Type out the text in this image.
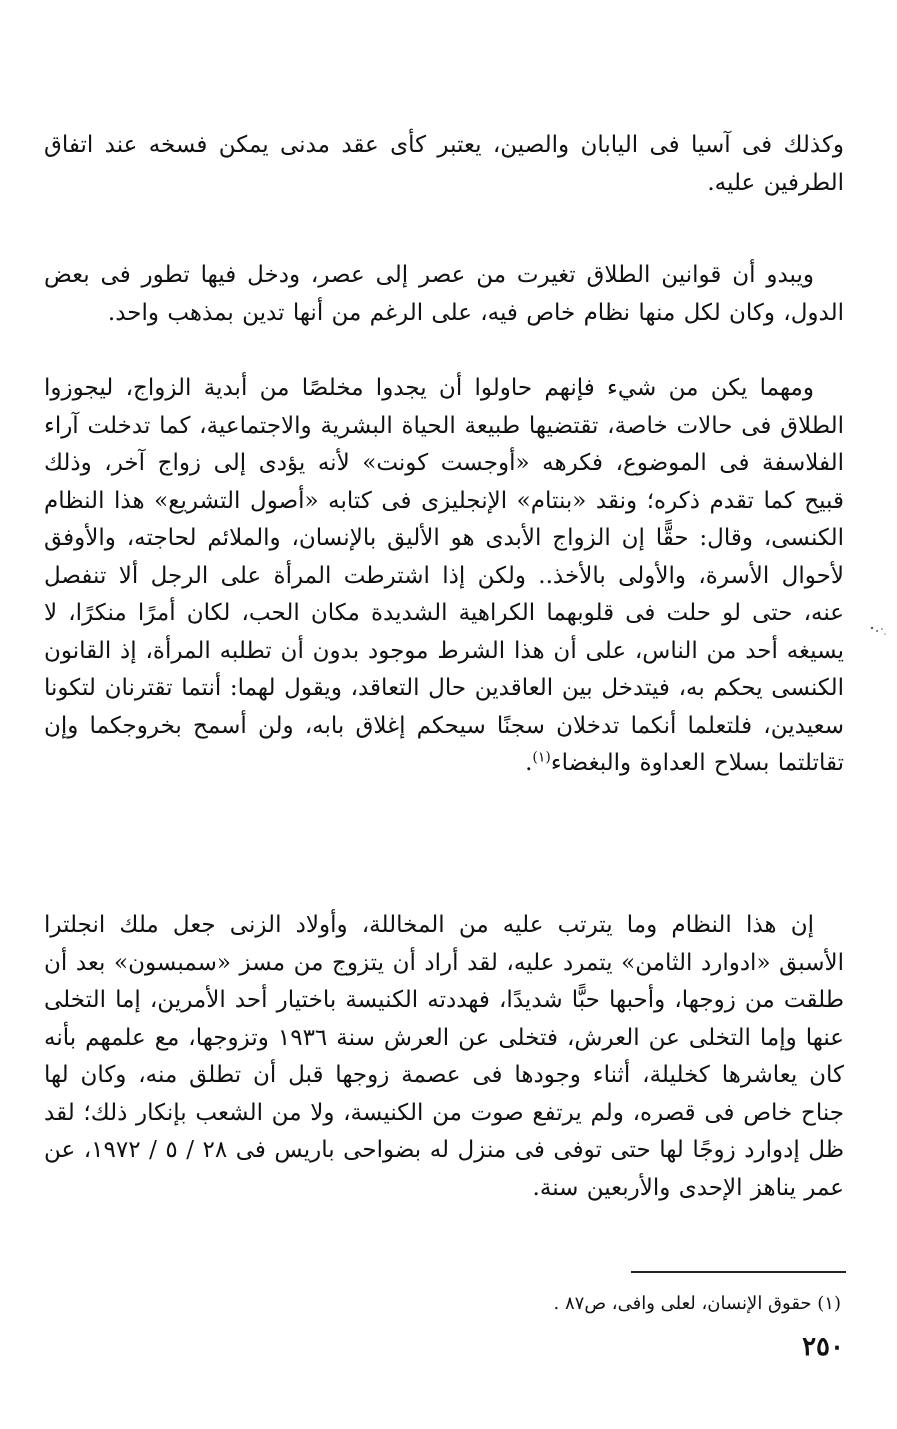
وكذلك فى آسيا فى اليابان والصين، يعتبر كأى عقد مدنى يمكن فسخه عند اتفاق الطرفين عليه.

ويبدو أن قوانين الطلاق تغيرت من عصر إلى عصر، ودخل فيها تطور فى بعض الدول، وكان لكل منها نظام خاص فيه، على الرغم من أنها تدين بمذهب واحد.

ومهما يكن من شيء فإنهم حاولوا أن يجدوا مخلصًا من أبدية الزواج، ليجوزوا الطلاق فى حالات خاصة، تقتضيها طبيعة الحياة البشرية والاجتماعية، كما تدخلت آراء الفلاسفة فى الموضوع، فكرهه «أوجست كونت» لأنه يؤدى إلى زواج آخر، وذلك قبيح كما تقدم ذكره؛ ونقد «بنتام» الإنجليزى فى كتابه «أصول التشريع» هذا النظام الكنسى، وقال: حقًّا إن الزواج الأبدى هو الأليق بالإنسان، والملائم لحاجته، والأوفق لأحوال الأسرة، والأولى بالأخذ.. ولكن إذا اشترطت المرأة على الرجل ألا تنفصل عنه، حتى لو حلت فى قلوبهما الكراهية الشديدة مكان الحب، لكان أمرًا منكرًا، لا يسيغه أحد من الناس، على أن هذا الشرط موجود بدون أن تطلبه المرأة، إذ القانون الكنسى يحكم به، فيتدخل بين العاقدين حال التعاقد، ويقول لهما: أنتما تقترنان لتكونا سعيدين، فلتعلما أنكما تدخلان سجنًا سيحكم إغلاق بابه، ولن أسمح بخروجكما وإن تقاتلتما بسلاح العداوة والبغضاء$^{(١)}$.

إن هذا النظام وما يترتب عليه من المخاللة، وأولاد الزنى جعل ملك انجلترا الأسبق «ادوارد الثامن» يتمرد عليه، لقد أراد أن يتزوج من مسز «سمبسون» بعد أن طلقت من زوجها، وأحبها حبًّا شديدًا، فهددته الكنيسة باختيار أحد الأمرين، إما التخلى عنها وإما التخلى عن العرش، فتخلى عن العرش سنة ١٩٣٦ وتزوجها، مع علمهم بأنه كان يعاشرها كخليلة، أثناء وجودها فى عصمة زوجها قبل أن تطلق منه، وكان لها جناح خاص فى قصره، ولم يرتفع صوت من الكنيسة، ولا من الشعب بإنكار ذلك؛ لقد ظل إدوارد زوجًا لها حتى توفى فى منزل له بضواحى باريس فى ٢٨ / ٥ / ١٩٧٢، عن عمر يناهز الإحدى والأربعين سنة.

(١) حقوق الإنسان، لعلى وافى، ص٨٧ .
٢٥٠
